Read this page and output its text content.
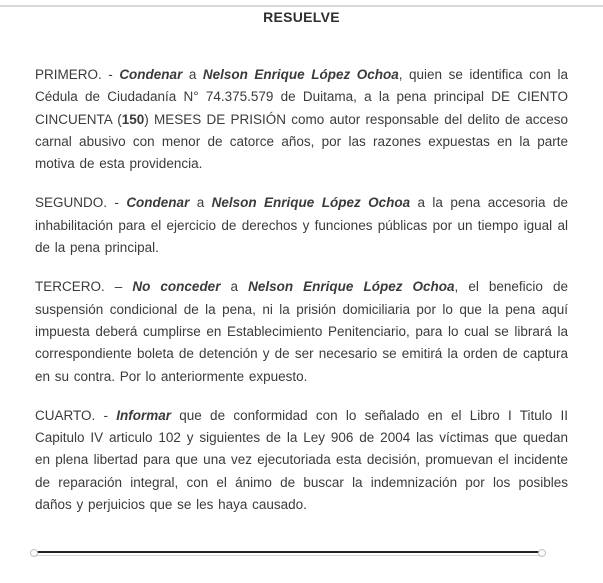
RESUELVE

PRIMERO. - Condenar a Nelson Enrique López Ochoa, quien se identifica con la Cédula de Ciudadanía N° 74.375.579 de Duitama, a la pena principal DE CIENTO CINCUENTA (150) MESES DE PRISIÓN como autor responsable del delito de acceso carnal abusivo con menor de catorce años, por las razones expuestas en la parte motiva de esta providencia.

SEGUNDO. - Condenar a Nelson Enrique López Ochoa a la pena accesoria de inhabilitación para el ejercicio de derechos y funciones públicas por un tiempo igual al de la pena principal.

TERCERO. – No conceder a Nelson Enrique López Ochoa, el beneficio de suspensión condicional de la pena, ni la prisión domiciliaria por lo que la pena aquí impuesta deberá cumplirse en Establecimiento Penitenciario, para lo cual se librará la correspondiente boleta de detención y de ser necesario se emitirá la orden de captura en su contra. Por lo anteriormente expuesto.

CUARTO. - Informar que de conformidad con lo señalado en el Libro I Titulo II Capitulo IV articulo 102 y siguientes de la Ley 906 de 2004 las víctimas que quedan en plena libertad para que una vez ejecutoriada esta decisión, promuevan el incidente de reparación integral, con el ánimo de buscar la indemnización por los posibles daños y perjuicios que se les haya causado.
